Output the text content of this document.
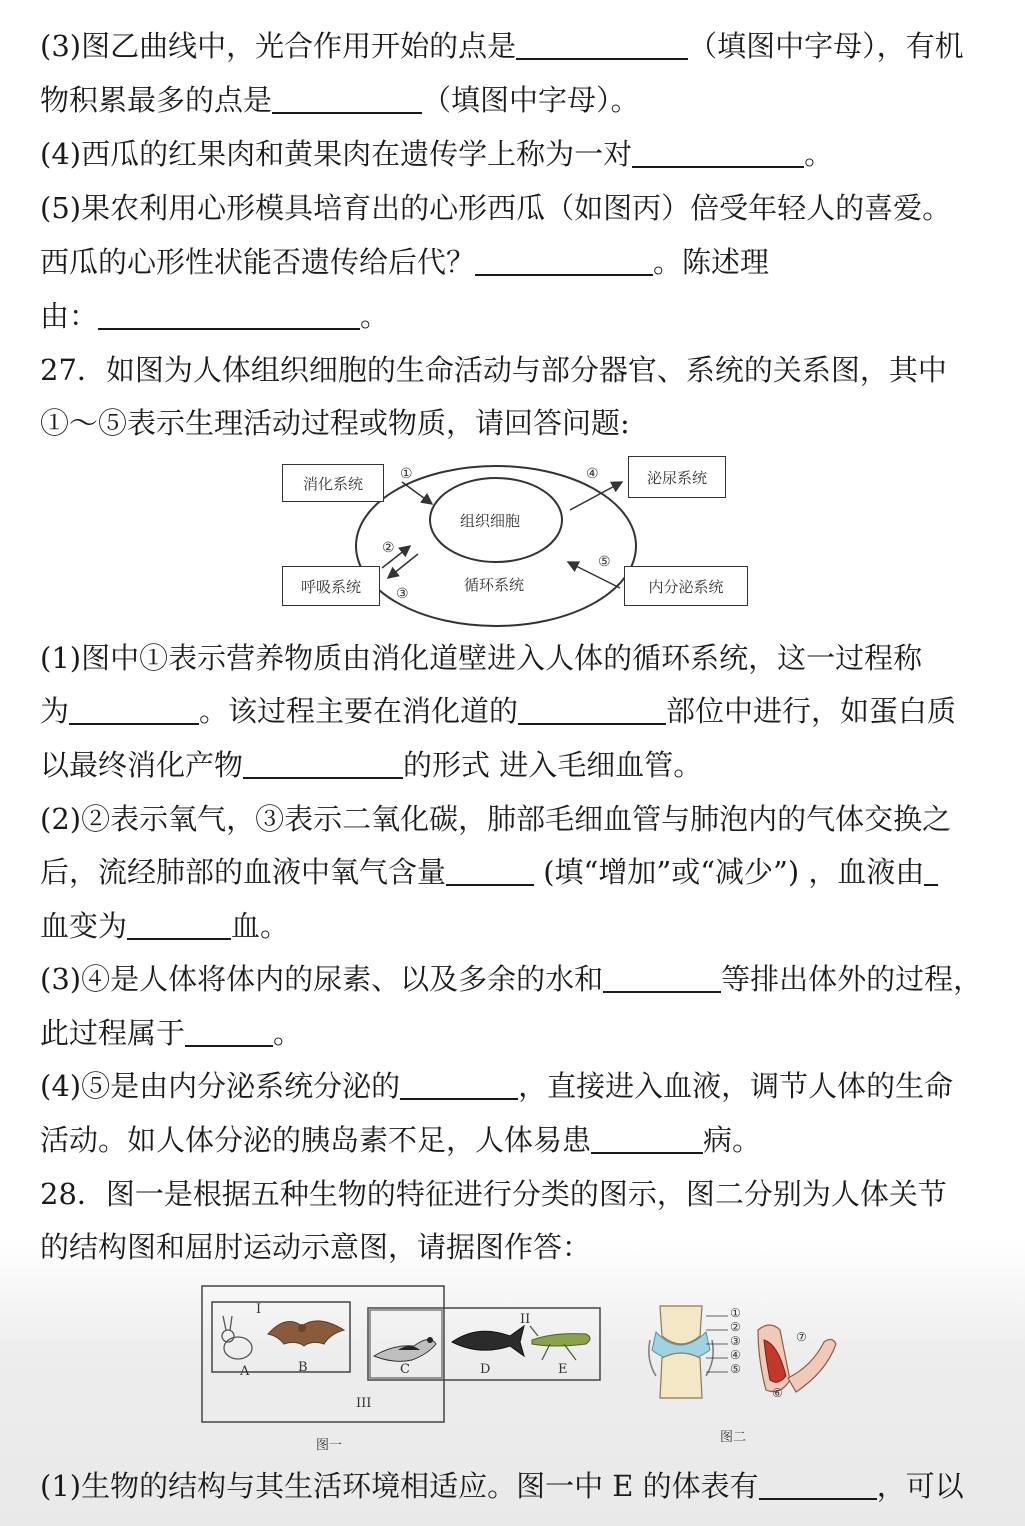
(3)图乙曲线中，光合作用开始的点是	（填图中字母），有机
物积累最多的点是	（填图中字母）。
(4)西瓜的红果肉和黄果肉在遗传学上称为一对	。
(5)果农利用心形模具培育出的心形西瓜（如图丙）倍受年轻人的喜爱。
西瓜的心形性状能否遗传给后代？	。陈述理
由：	。
27．如图为人体组织细胞的生命活动与部分器官、系统的关系图，其中
①～⑤表示生理活动过程或物质，请回答问题:
消化系统
呼吸系统
泌尿系统
内分泌系统
组织细胞
循环系统
①
②
③
④
⑤
(1)图中①表示营养物质由消化道壁进入人体的循环系统，这一过程称
为	。该过程主要在消化道的	部位中进行，如蛋白质
以最终消化产物	的形式 进入毛细血管。
(2)②表示氧气，③表示二氧化碳，肺部毛细血管与肺泡内的气体交换之
后，流经肺部的血液中氧气含量	(填“增加”或“减少”) ，血液由
血变为	血。
(3)④是人体将体内的尿素、以及多余的水和	等排出体外的过程，
此过程属于	。
(4)⑤是由内分泌系统分泌的	，直接进入血液，调节人体的生命
活动。如人体分泌的胰岛素不足，人体易患	病。
28．图一是根据五种生物的特征进行分类的图示，图二分别为人体关节
的结构图和屈肘运动示意图，请据图作答：
I
II
III
A	B	C	D	E
图一
①
②
③
④
⑤
⑥
⑦
图二
(1)生物的结构与其生活环境相适应。图一中 E 的体表有	，可以
